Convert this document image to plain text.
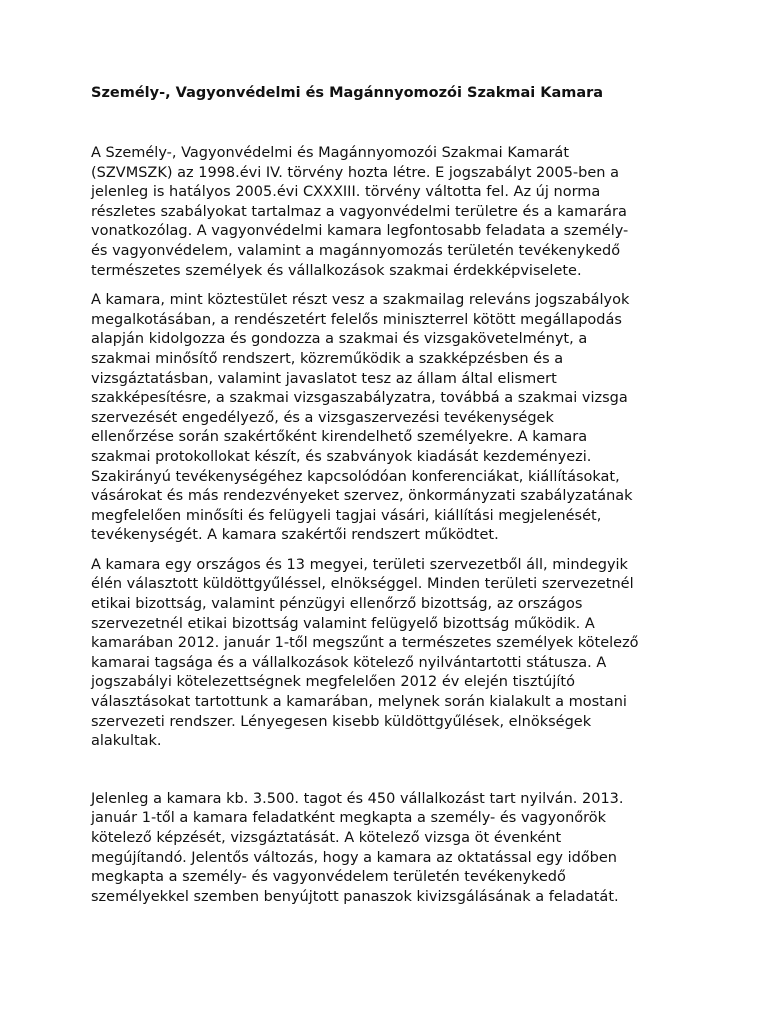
Személy-, Vagyonvédelmi és Magánnyomozói Szakmai Kamara
A Személy-, Vagyonvédelmi és Magánnyomozói Szakmai Kamarát
(SZVMSZK) az 1998.évi IV. törvény hozta létre. E jogszabályt 2005-ben a
jelenleg is hatályos 2005.évi CXXXIII. törvény váltotta fel. Az új norma
részletes szabályokat tartalmaz a vagyonvédelmi területre és a kamarára
vonatkozólag. A vagyonvédelmi kamara legfontosabb feladata a személy-
és vagyonvédelem, valamint a magánnyomozás területén tevékenykedő
természetes személyek és vállalkozások szakmai érdekképviselete.
A kamara, mint köztestület részt vesz a szakmailag releváns jogszabályok
megalkotásában, a rendészetért felelős miniszterrel kötött megállapodás
alapján kidolgozza és gondozza a szakmai és vizsgakövetelményt, a
szakmai minősítő rendszert, közreműködik a szakképzésben és a
vizsgáztatásban, valamint javaslatot tesz az állam által elismert
szakképesítésre, a szakmai vizsgaszabályzatra, továbbá a szakmai vizsga
szervezését engedélyező, és a vizsgaszervezési tevékenységek
ellenőrzése során szakértőként kirendelhető személyekre. A kamara
szakmai protokollokat készít, és szabványok kiadását kezdeményezi.
Szakirányú tevékenységéhez kapcsolódóan konferenciákat, kiállításokat,
vásárokat és más rendezvényeket szervez, önkormányzati szabályzatának
megfelelően minősíti és felügyeli tagjai vásári, kiállítási megjelenését,
tevékenységét. A kamara szakértői rendszert működtet.
A kamara egy országos és 13 megyei, területi szervezetből áll, mindegyik
élén választott küldöttgyűléssel, elnökséggel. Minden területi szervezetnél
etikai bizottság, valamint pénzügyi ellenőrző bizottság, az országos
szervezetnél etikai bizottság valamint felügyelő bizottság működik. A
kamarában 2012. január 1-től megszűnt a természetes személyek kötelező
kamarai tagsága és a vállalkozások kötelező nyilvántartotti státusza. A
jogszabályi kötelezettségnek megfelelően 2012 év elején tisztújító
választásokat tartottunk a kamarában, melynek során kialakult a mostani
szervezeti rendszer. Lényegesen kisebb küldöttgyűlések, elnökségek
alakultak.
Jelenleg a kamara kb. 3.500. tagot és 450 vállalkozást tart nyilván. 2013.
január 1-től a kamara feladatként megkapta a személy- és vagyonőrök
kötelező képzését, vizsgáztatását. A kötelező vizsga öt évenként
megújítandó. Jelentős változás, hogy a kamara az oktatással egy időben
megkapta a személy- és vagyonvédelem területén tevékenykedő
személyekkel szemben benyújtott panaszok kivizsgálásának a feladatát.
